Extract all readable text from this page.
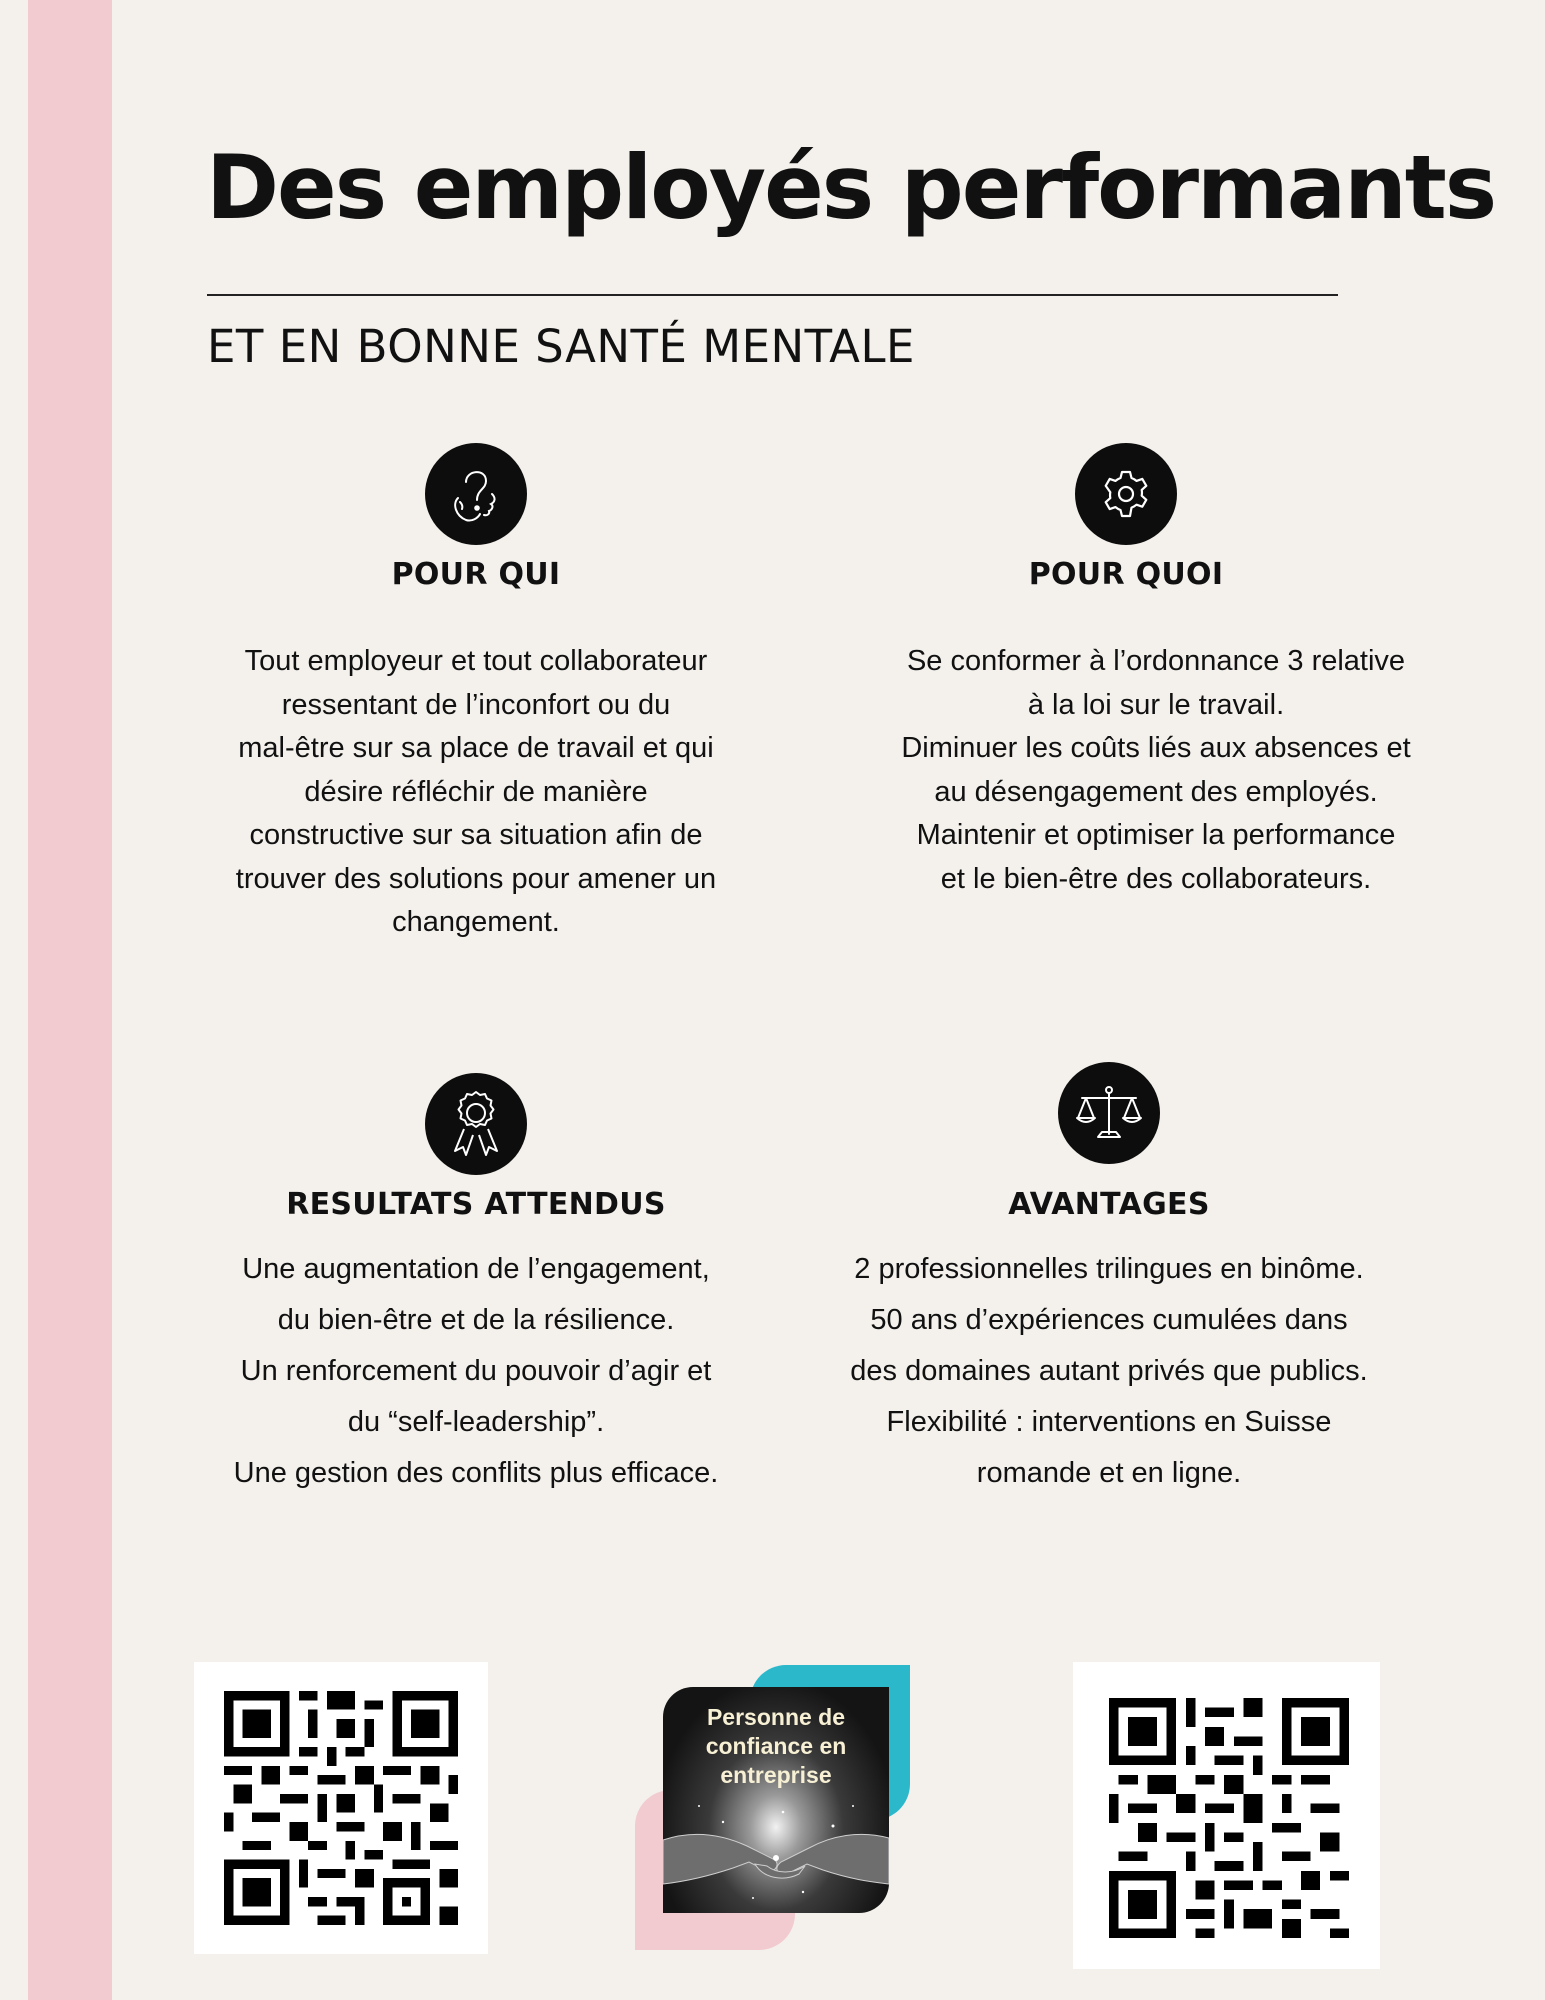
Des employés performants
ET EN BONNE SANTÉ MENTALE
POUR QUI

Tout employeur et tout collaborateur
ressentant de l’inconfort ou du
mal-être sur sa place de travail et qui
désire réfléchir de manière
constructive sur sa situation afin de
trouver des solutions pour amener un
changement.

POUR QUOI

Se conformer à l’ordonnance 3 relative
à la loi sur le travail.
Diminuer les coûts liés aux absences et
au désengagement des employés.
Maintenir et optimiser la performance
et le bien-être des collaborateurs.

RESULTATS ATTENDUS

Une augmentation de l’engagement,
du bien-être et de la résilience.
Un renforcement du pouvoir d’agir et
du “self-leadership”.
Une gestion des conflits plus efficace.

AVANTAGES

2 professionnelles trilingues en binôme.
50 ans d’expériences cumulées dans
des domaines autant privés que publics.
Flexibilité : interventions en Suisse
romande et en ligne.

Personne de
confiance en
entreprise
